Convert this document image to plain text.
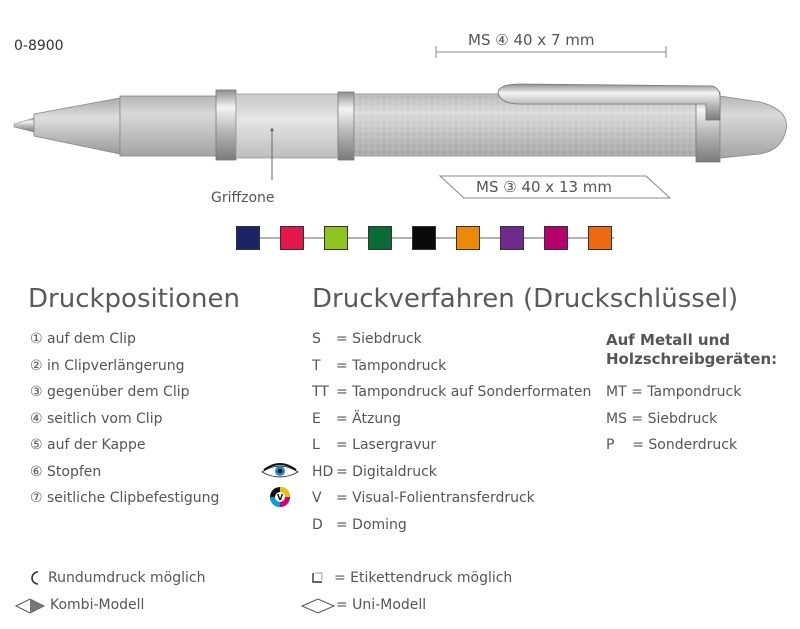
0-8900	MS ④ 40 x 7 mm
MS ③ 40 x 13 mm
Griffzone
Druckpositionen	Druckverfahren (Druckschlüssel)
① auf dem Clip
② in Clipverlängerung
③ gegenüber dem Clip
④ seitlich vom Clip
⑤ auf der Kappe
⑥ Stopfen
⑦ seitliche Clipbefestigung
S = Siebdruck
T = Tampondruck
TT = Tampondruck auf Sonderformaten
E = Ätzung
L = Lasergravur
HD = Digitaldruck
V = Visual-Folientransferdruck
D = Doming
V
Auf Metall und
Holzschreibgeräten:
MT = Tampondruck
MS = Siebdruck
P    = Sonderdruck
Rundumdruck möglich	= Etikettendruck möglich
Kombi-Modell	= Uni-Modell
